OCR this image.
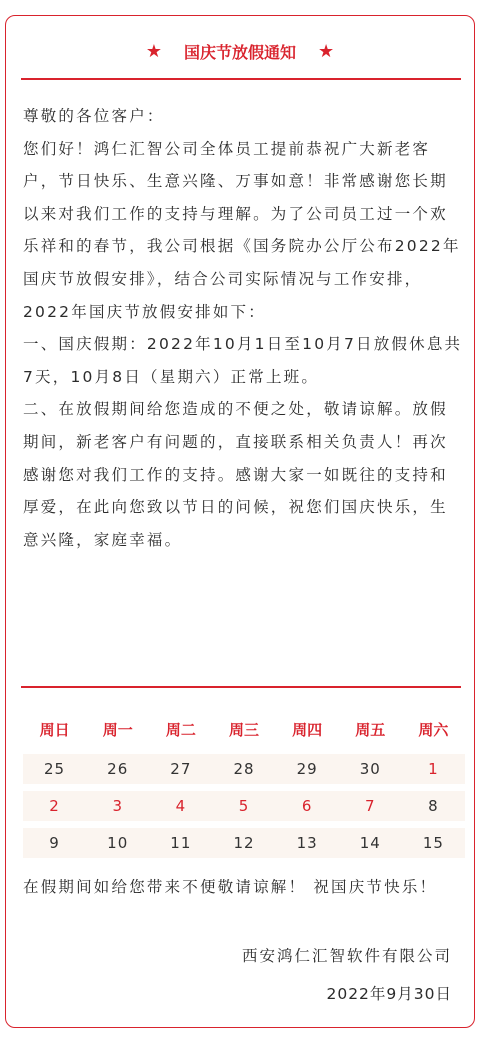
★ 国庆节放假通知 ★

尊敬的各位客户：

您们好！鸿仁汇智公司全体员工提前恭祝广大新老客户，节日快乐、生意兴隆、万事如意！非常感谢您长期以来对我们工作的支持与理解。为了公司员工过一个欢乐祥和的春节，我公司根据《国务院办公厅公布2022年国庆节放假安排》，结合公司实际情况与工作安排，2022年国庆节放假安排如下：

一、国庆假期：2022年10月1日至10月7日放假休息共7天，10月8日（星期六）正常上班。

二、在放假期间给您造成的不便之处，敬请谅解。放假期间，新老客户有问题的，直接联系相关负责人！再次感谢您对我们工作的支持。感谢大家一如既往的支持和厚爱，在此向您致以节日的问候，祝您们国庆快乐，生意兴隆，家庭幸福。

周日	周一	周二	周三	周四	周五	周六
25	26	27	28	29	30	1
2	3	4	5	6	7	8
9	10	11	12	13	14	15
在假期间如给您带来不便敬请谅解！ 祝国庆节快乐！
西安鸿仁汇智软件有限公司
2022年9月30日
